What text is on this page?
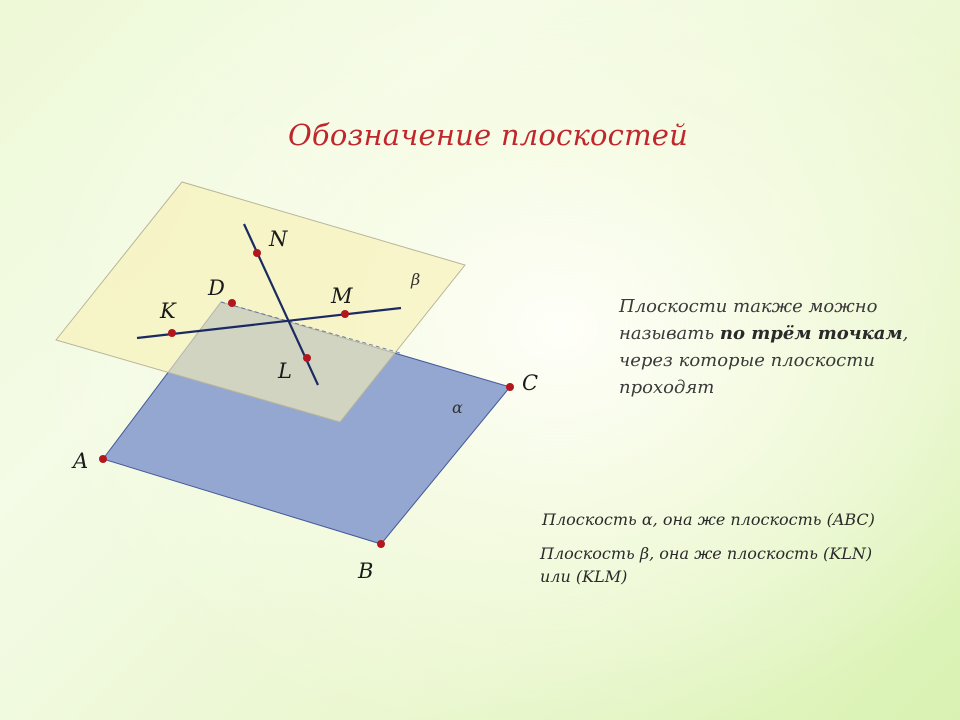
Обозначение плоскостей
N
D
K
M
L	C
A
B
β
α
Плоскости также можно называть по трём точкам, через которые плоскости проходят
Плоскость α, она же плоскость (ABC)
Плоскость β, она же плоскость (KLN)
или (KLM)
